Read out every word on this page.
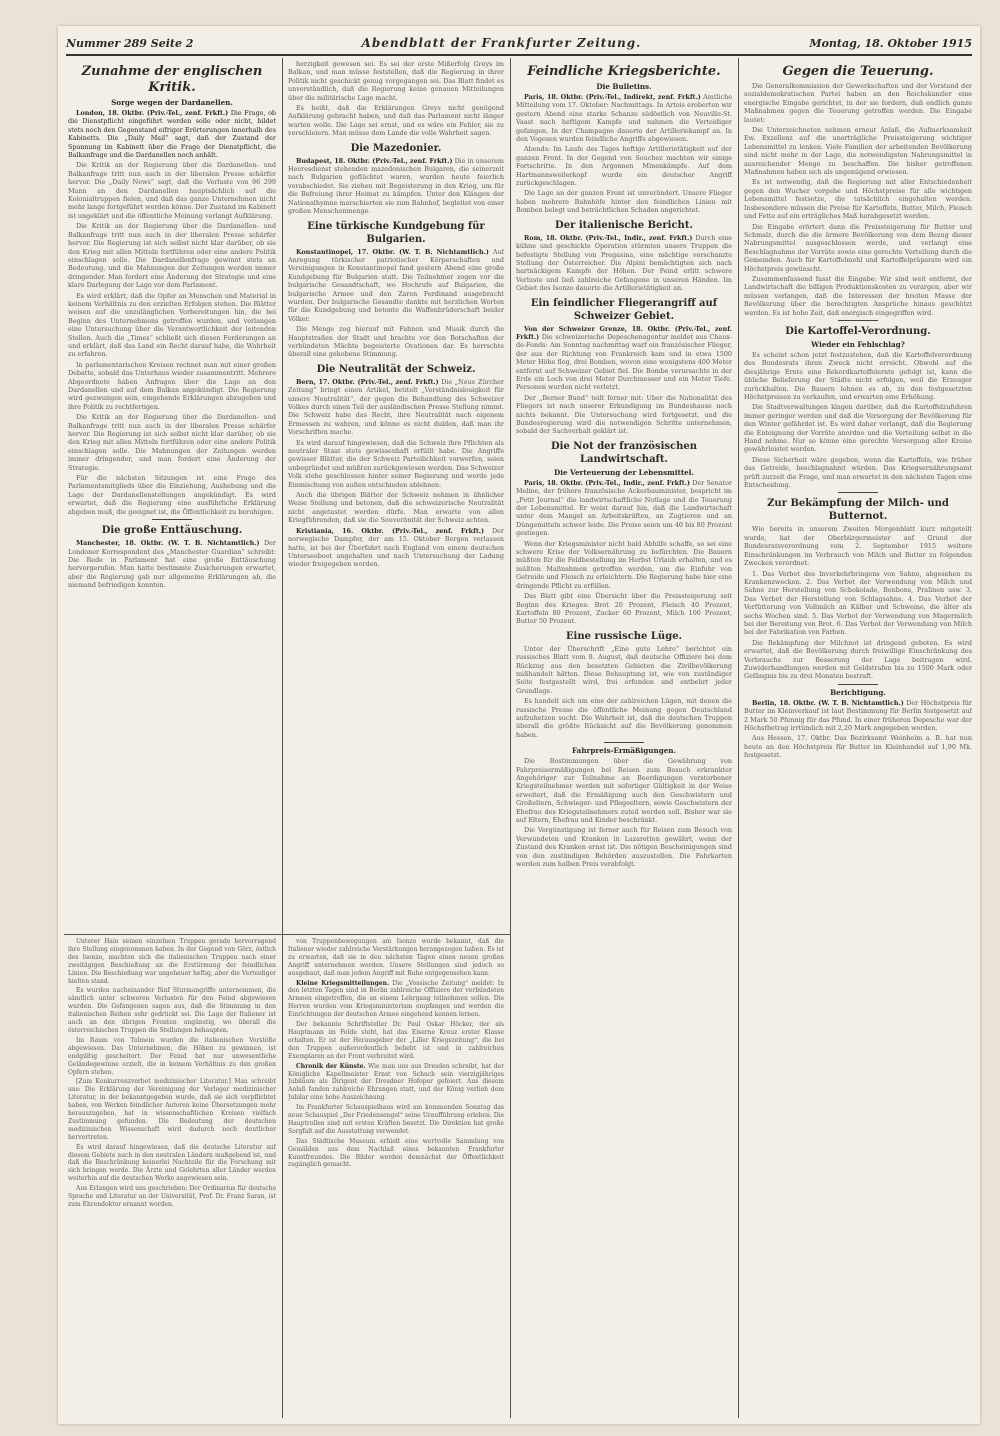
Nummer 289 Seite 2	Abendblatt der Frankfurter Zeitung.	Montag, 18. Oktober 1915
Zunahme der englischen Kritik.
Sorge wegen der Dardanellen.

London, 18. Oktbr. (Priv.-Tel., zenf. Frkft.) Die Frage, ob die Dienstpflicht eingeführt werden solle oder nicht, bildet stets noch den Gegenstand eifriger Erörterungen innerhalb des Kabinetts. Die „Daily Mail“ sagt, daß der Zustand der Spannung im Kabinett über die Frage der Dienstpflicht, die Balkanfrage und die Dardanellen noch anhält.

Die Kritik an der Regierung über die Dardanellen- und Balkanfrage tritt nun auch in der liberalen Presse schärfer hervor. Die „Daily News“ sagt, daß die Verluste von 96 299 Mann an den Dardanellen hauptsächlich auf die Kolonialtruppen fielen, und daß das ganze Unternehmen nicht mehr lange fortgeführt werden könne. Der Zustand im Kabinett ist ungeklärt und die öffentliche Meinung verlangt Aufklärung.

Die Kritik an der Regierung über die Dardanellen- und Balkanfrage tritt nun auch in der liberalen Presse schärfer hervor. Die Regierung ist sich selbst nicht klar darüber, ob sie den Krieg mit allen Mitteln fortführen oder eine andere Politik einschlagen solle. Die Dardanellenfrage gewinnt stets an Bedeutung, und die Mahnungen der Zeitungen werden immer dringender. Man fordert eine Änderung der Strategie und eine klare Darlegung der Lage vor dem Parlament.

Es wird erklärt, daß die Opfer an Menschen und Material in keinem Verhältnis zu den erzielten Erfolgen stehen. Die Blätter weisen auf die unzulänglichen Vorbereitungen hin, die bei Beginn des Unternehmens getroffen wurden, und verlangen eine Untersuchung über die Verantwortlichkeit der leitenden Stellen. Auch die „Times“ schließt sich diesen Forderungen an und erklärt, daß das Land ein Recht darauf habe, die Wahrheit zu erfahren.

In parlamentarischen Kreisen rechnet man mit einer großen Debatte, sobald das Unterhaus wieder zusammentritt. Mehrere Abgeordnete haben Anfragen über die Lage an den Dardanellen und auf dem Balkan angekündigt. Die Regierung wird gezwungen sein, eingehende Erklärungen abzugeben und ihre Politik zu rechtfertigen.

Die Kritik an der Regierung über die Dardanellen- und Balkanfrage tritt nun auch in der liberalen Presse schärfer hervor. Die Regierung ist sich selbst nicht klar darüber, ob sie den Krieg mit allen Mitteln fortführen oder eine andere Politik einschlagen solle. Die Mahnungen der Zeitungen werden immer dringender, und man fordert eine Änderung der Strategie.

Für die nächsten Sitzungen ist eine Frage des Parlamentsmitglieds über die Einziehung, Aushebung und die Lage der Dardanellenstellungen angekündigt. Es wird erwartet, daß die Regierung eine ausführliche Erklärung abgeben muß, die geeignet ist, die Öffentlichkeit zu beruhigen.

Die große Enttäuschung.

Manchester, 18. Oktbr. (W. T. B. Nichtamtlich.) Der Londoner Korrespondent des „Manchester Guardian“ schreibt: Die Rede in Parlament hat eine große Enttäuschung hervorgerufen. Man hatte bestimmte Zusicherungen erwartet, aber die Regierung gab nur allgemeine Erklärungen ab, die niemand befriedigen konnten.

herzigkeit gewesen sei. Es sei der erste Mißerfolg Greys im Balkan, und man müsse feststellen, daß die Regierung in ihrer Politik nicht geschickt genug vorgegangen sei. Das Blatt findet es unverständlich, daß die Regierung keine genauen Mitteilungen über die militärische Lage macht.

Es heißt, daß die Erklärungen Greys nicht genügend Aufklärung gebracht haben, und daß das Parlament nicht länger warten wolle. Die Lage sei ernst, und es wäre ein Fehler, sie zu verschleiern. Man müsse dem Lande die volle Wahrheit sagen.

Die Mazedonier.

Budapest, 18. Oktbr. (Priv.-Tel., zenf. Frkft.) Die in unserem Heeresdienst stehenden mazedonischen Bulgaren, die seinerzeit nach Bulgarien geflüchtet waren, wurden heute feierlich verabschiedet. Sie ziehen mit Begeisterung in den Krieg, um für die Befreiung ihrer Heimat zu kämpfen. Unter den Klängen der Nationalhymne marschierten sie zum Bahnhof, begleitet von einer großen Menschenmenge.

Eine türkische Kundgebung für Bulgarien.

Konstantinopel, 17. Oktbr. (W. T. B. Nichtamtlich.) Auf Anregung türkischer patriotischer Körperschaften und Vereinigungen in Konstantinopel fand gestern Abend eine große Kundgebung für Bulgarien statt. Die Teilnehmer zogen vor die bulgarische Gesandtschaft, wo Hochrufe auf Bulgarien, die bulgarische Armee und den Zaren Ferdinand ausgebracht wurden. Der bulgarische Gesandte dankte mit herzlichen Worten für die Kundgebung und betonte die Waffenbrüderschaft beider Völker.

Die Menge zog hierauf mit Fahnen und Musik durch die Hauptstraßen der Stadt und brachte vor den Botschaften der verbündeten Mächte begeisterte Ovationen dar. Es herrschte überall eine gehobene Stimmung.

Die Neutralität der Schweiz.

Bern, 17. Oktbr. (Priv.-Tel., zenf. Frkft.) Die „Neue Zürcher Zeitung“ bringt einen Artikel, betitelt „Verständnislosigkeit für unsere Neutralität“, der gegen die Behandlung des Schweizer Volkes durch einen Teil der ausländischen Presse Stellung nimmt. Die Schweiz habe das Recht, ihre Neutralität nach eigenem Ermessen zu wahren, und könne es nicht dulden, daß man ihr Vorschriften mache.

Es wird darauf hingewiesen, daß die Schweiz ihre Pflichten als neutraler Staat stets gewissenhaft erfüllt habe. Die Angriffe gewisser Blätter, die der Schweiz Parteilichkeit vorwerfen, seien unbegründet und müßten zurückgewiesen werden. Das Schweizer Volk stehe geschlossen hinter seiner Regierung und werde jede Einmischung von außen entschieden ablehnen.

Auch die übrigen Blätter der Schweiz nehmen in ähnlicher Weise Stellung und betonen, daß die schweizerische Neutralität nicht angetastet werden dürfe. Man erwarte von allen Kriegführenden, daß sie die Souveränität der Schweiz achten.

Kristiania, 16. Oktbr. (Priv.-Tel., zenf. Frkft.) Der norwegische Dampfer, der am 15. Oktober Bergen verlassen hatte, ist bei der Überfahrt nach England von einem deutschen Unterseeboot angehalten und nach Untersuchung der Ladung wieder freigegeben worden.

Feindliche Kriegsberichte.
Die Bulletins.

Paris, 18. Oktbr. (Priv.-Tel., Indirekt, zenf. Frkft.) Amtliche Mitteilung vom 17. Oktober: Nachmittags. In Artois eroberten wir gestern Abend eine starke Schanze südöstlich von Neuville-St. Vaast nach heftigem Kampfe und nahmen die Verteidiger gefangen. In der Champagne dauerte der Artilleriekampf an. In den Vogesen wurden feindliche Angriffe abgewiesen.

Abends: Im Laufe des Tages heftige Artillerietätigkeit auf der ganzen Front. In der Gegend von Souchez machten wir einige Fortschritte. In den Argonnen Minenkämpfe. Auf dem Hartmannsweilerkopf wurde ein deutscher Angriff zurückgeschlagen.

Die Lage an der ganzen Front ist unverändert. Unsere Flieger haben mehrere Bahnhöfe hinter den feindlichen Linien mit Bomben belegt und beträchtlichen Schaden angerichtet.

Der italienische Bericht.

Rom, 18. Oktbr. (Priv.-Tel., Indir., zenf. Frkft.) Durch eine kühne und geschickte Operation stürmten unsere Truppen die befestigte Stellung von Pregasina, eine mächtige verschanzte Stellung der Österreicher. Die Alpini bemächtigten sich nach hartnäckigem Kampfe der Höhen. Der Feind erlitt schwere Verluste und ließ zahlreiche Gefangene in unseren Händen. Im Gebiet des Isonzo dauerte die Artillerietätigkeit an.

Ein feindlicher Fliegerangriff auf Schweizer Gebiet.

Von der Schweizer Grenze, 18. Oktbr. (Priv.-Tel., zenf. Frkft.) Die schweizerische Depeschenagentur meldet aus Chaux-de-Fonds: Am Sonntag nachmittag warf ein französischer Flieger, der aus der Richtung von Frankreich kam und in etwa 1500 Meter Höhe flog, drei Bomben, wovon eine wenigstens 400 Meter entfernt auf Schweizer Gebiet fiel. Die Bombe verursachte in der Erde ein Loch von drei Meter Durchmesser und ein Meter Tiefe. Personen wurden nicht verletzt.

Der „Berner Bund“ teilt ferner mit: Uber die Nationalität des Fliegers ist nach unserer Erkundigung im Bundeshause noch nichts bekannt. Die Untersuchung wird fortgesetzt, und die Bundesregierung wird die notwendigen Schritte unternehmen, sobald der Sachverhalt geklärt ist.

Die Not der französischen Landwirtschaft.
Die Verteuerung der Lebensmittel.

Paris, 18. Oktbr. (Priv.-Tel., Indir., zenf. Frkft.) Der Senator Meline, der frühere französische Ackerbauminister, bespricht im „Petit Journal“ die landwirtschaftliche Notlage und die Teuerung der Lebensmittel. Er weist darauf hin, daß die Landwirtschaft unter dem Mangel an Arbeitskräften, an Zugtieren und an Düngemitteln schwer leide. Die Preise seien um 40 bis 80 Prozent gestiegen.

Wenn der Kriegsminister nicht bald Abhilfe schaffe, so sei eine schwere Krise der Volksernährung zu befürchten. Die Bauern müßten für die Feldbestellung im Herbst Urlaub erhalten, und es müßten Maßnahmen getroffen werden, um die Einfuhr von Getreide und Fleisch zu erleichtern. Die Regierung habe hier eine dringende Pflicht zu erfüllen.

Das Blatt gibt eine Übersicht über die Preissteigerung seit Beginn des Krieges: Brot 20 Prozent, Fleisch 40 Prozent, Kartoffeln 80 Prozent, Zucker 60 Prozent, Milch 100 Prozent, Butter 50 Prozent.

Eine russische Lüge.

Unter der Überschrift „Eine gute Lehre“ berichtet ein russisches Blatt vom 8. August, daß deutsche Offiziere bei dem Rückzug aus den besetzten Gebieten die Zivilbevölkerung mißhandelt hätten. Diese Behauptung ist, wie von zuständiger Seite festgestellt wird, frei erfunden und entbehrt jeder Grundlage.

Es handelt sich um eine der zahlreichen Lügen, mit denen die russische Presse die öffentliche Meinung gegen Deutschland aufzuhetzen sucht. Die Wahrheit ist, daß die deutschen Truppen überall die größte Rücksicht auf die Bevölkerung genommen haben.

Fahrpreis-Ermäßigungen.

Die Bestimmungen über die Gewährung von Fahrpreisermäßigungen bei Reisen zum Besuch erkrankter Angehöriger zur Teilnahme an Beerdigungen verstorbener Kriegsteilnehmer werden mit sofortiger Gültigkeit in der Weise erweitert, daß die Ermäßigung auch den Geschwistern und Großeltern, Schwieger- und Pflegeeltern, sowie Geschwistern der Ehefrau des Kriegsteilnehmers zuteil werden soll. Bisher war sie auf Eltern, Ehefrau und Kinder beschränkt.

Die Vergünstigung ist ferner auch für Reisen zum Besuch von Verwundeten und Kranken in Lazaretten gewährt, wenn der Zustand des Kranken ernst ist. Die nötigen Bescheinigungen sind von den zuständigen Behörden auszustellen. Die Fahrkarten werden zum halben Preis verabfolgt.

Gegen die Teuerung.

Die Generalkommission der Gewerkschaften und der Vorstand der sozialdemokratischen Partei haben an den Reichskanzler eine energische Eingabe gerichtet, in der sie fordern, daß endlich ganze Maßnahmen gegen die Teuerung getroffen werden. Die Eingabe lautet:

Die Unterzeichneten nehmen erneut Anlaß, die Aufmerksamkeit Ew. Exzellenz auf die unerträgliche Preissteigerung wichtiger Lebensmittel zu lenken. Viele Familien der arbeitenden Bevölkerung sind nicht mehr in der Lage, die notwendigsten Nahrungsmittel in ausreichender Menge zu beschaffen. Die bisher getroffenen Maßnahmen haben sich als ungenügend erwiesen.

Es ist notwendig, daß die Regierung mit aller Entschiedenheit gegen den Wucher vorgehe und Höchstpreise für alle wichtigen Lebensmittel festsetze, die tatsächlich eingehalten werden. Insbesondere müssen die Preise für Kartoffeln, Butter, Milch, Fleisch und Fette auf ein erträgliches Maß herabgesetzt werden.

Die Eingabe erörtert dann die Preissteigerung für Butter und Schmalz, durch die die ärmere Bevölkerung von dem Bezug dieser Nahrungsmittel ausgeschlossen werde, und verlangt eine Beschlagnahme der Vorräte sowie eine gerechte Verteilung durch die Gemeinden. Auch für Kartoffelmehl und Kartoffelpräparate wird ein Höchstpreis gewünscht.

Zusammenfassend fasst die Eingabe: Wir sind weit entfernt, der Landwirtschaft die billigen Produktionskosten zu verargen, aber wir müssen verlangen, daß die Interessen der breiten Masse der Bevölkerung über die berechtigten Ansprüche hinaus geschützt werden. Es ist hohe Zeit, daß energisch eingegriffen wird.

Die Kartoffel-Verordnung.
Wieder ein Fehlschlag?

Es scheint schon jetzt festzustehen, daß die Kartoffelverordnung des Bundesrats ihren Zweck nicht erreicht. Obwohl auf die diesjährige Ernte eine Rekordkartoffelernte gefolgt ist, kann die übliche Belieferung der Städte nicht erfolgen, weil die Erzeuger zurückhalten. Die Bauern lehnen es ab, zu den festgesetzten Höchstpreisen zu verkaufen, und erwarten eine Erhöhung.

Die Stadtverwaltungen klagen darüber, daß die Kartoffelzufuhren immer geringer werden und daß die Versorgung der Bevölkerung für den Winter gefährdet ist. Es wird daher verlangt, daß die Regierung die Enteignung der Vorräte anordne und die Verteilung selbst in die Hand nehme. Nur so könne eine gerechte Versorgung aller Kreise gewährleistet werden.

Diese Sicherheit wäre gegeben, wenn die Kartoffeln, wie früher das Getreide, beschlagnahmt würden. Das Kriegsernährungsamt prüft zurzeit die Frage, und man erwartet in den nächsten Tagen eine Entscheidung.

Zur Bekämpfung der Milch- und Butternot.

Wie bereits in unserem Zweiten Morgenblatt kurz mitgeteilt wurde, hat der Oberbürgermeister auf Grund der Bundesratsverordnung vom 2. September 1915 weitere Einschränkungen im Verbrauch von Milch und Butter zu folgenden Zwecken verordnet:

1. Das Verbot des Inverkehrbringens von Sahne, abgesehen zu Krankenzwecken. 2. Das Verbot der Verwendung von Milch und Sahne zur Herstellung von Schokolade, Bonbons, Pralinen usw. 3. Das Verbot der Herstellung von Schlagsahne. 4. Das Verbot der Verfütterung von Vollmilch an Kälber und Schweine, die älter als sechs Wochen sind. 5. Das Verbot der Verwendung von Magermilch bei der Bereitung von Brot. 6. Das Verbot der Verwendung von Milch bei der Fabrikation von Farben.

Die Bekämpfung der Milchnot ist dringend geboten. Es wird erwartet, daß die Bevölkerung durch freiwillige Einschränkung des Verbrauchs zur Besserung der Lage beitragen wird. Zuwiderhandlungen werden mit Geldstrafen bis zu 1500 Mark oder Gefängnis bis zu drei Monaten bestraft.

Berichtigung.

Berlin, 18. Oktbr. (W. T. B. Nichtamtlich.) Der Höchstpreis für Butter im Kleinverkauf ist laut Bestimmung für Berlin festgesetzt auf 2 Mark 50 Pfennig für das Pfund. In einer früheren Depesche war der Höchstbetrag irrtümlich mit 2,20 Mark angegeben worden.

Aus Hessen, 17. Oktbr. Das Bezirksamt Weinheim a. B. hat nun heute an den Höchstpreis für Butter im Kleinhandel auf 1,90 Mk. festgesetzt.

Unterer Hain seinen einzelnen Truppen gerade hervorragend ihre Stellung eingenommen haben. In der Gegend von Görz, östlich des Isonzo, machten sich die italienischen Truppen nach einer zweitägigen Beschießung an die Erstürmung der feindlichen Linien. Die Beschießung war ungeheuer heftig, aber die Verteidiger hielten stand.

Es wurden nacheinander fünf Sturmangriffe unternommen, die sämtlich unter schweren Verlusten für den Feind abgewiesen wurden. Die Gefangenen sagen aus, daß die Stimmung in den italienischen Reihen sehr gedrückt sei. Die Lage der Italiener ist auch an den übrigen Fronten ungünstig, wo überall die österreichischen Truppen die Stellungen behaupten.

Im Raum von Tolmein wurden die italienischen Vorstöße abgewiesen. Das Unternehmen, die Höhen zu gewinnen, ist endgültig gescheitert. Der Feind hat nur unwesentliche Geländegewinne erzielt, die in keinem Verhältnis zu den großen Opfern stehen.

[Zum Konkurrenzverbot medizinischer Literatur.] Man schreibt uns: Die Erklärung der Vereinigung der Verleger medizinischer Literatur, in der bekanntgegeben wurde, daß sie sich verpflichtet haben, von Werken feindlicher Autoren keine Übersetzungen mehr herauszugeben, hat in wissenschaftlichen Kreisen vielfach Zustimmung gefunden. Die Bedeutung der deutschen medizinischen Wissenschaft wird dadurch noch deutlicher hervortreten.

Es wird darauf hingewiesen, daß die deutsche Literatur auf diesem Gebiete auch in den neutralen Ländern maßgebend ist, und daß die Beschränkung keinerlei Nachteile für die Forschung mit sich bringen werde. Die Ärzte und Gelehrten aller Länder werden weiterhin auf die deutschen Werke angewiesen sein.

Aus Erlangen wird uns geschrieben: Der Ordinarius für deutsche Sprache und Literatur an der Universität, Prof. Dr. Franz Saran, ist zum Ehrendoktor ernannt worden.

von Truppenbewegungen am Isonzo wurde bekannt, daß die Italiener wieder zahlreiche Verstärkungen herangezogen haben. Es ist zu erwarten, daß sie in den nächsten Tagen einen neuen großen Angriff unternehmen werden. Unsere Stellungen sind jedoch so ausgebaut, daß man jedem Angriff mit Ruhe entgegensehen kann.

Kleine Kriegsmitteilungen. Die „Vossische Zeitung“ meldet: In den letzten Tagen sind in Berlin zahlreiche Offiziere der verbündeten Armeen eingetroffen, die an einem Lehrgang teilnehmen sollen. Die Herren wurden vom Kriegsministerium empfangen und werden die Einrichtungen der deutschen Armee eingehend kennen lernen.

Der bekannte Schriftsteller Dr. Paul Oskar Höcker, der als Hauptmann im Felde steht, hat das Eiserne Kreuz erster Klasse erhalten. Er ist der Herausgeber der „Liller Kriegszeitung“, die bei den Truppen außerordentlich beliebt ist und in zahlreichen Exemplaren an der Front verbreitet wird.

Chronik der Künste. Wie man uns aus Dresden schreibt, hat der Königliche Kapellmeister Ernst von Schuch sein vierzigjähriges Jubiläum als Dirigent der Dresdner Hofoper gefeiert. Aus diesem Anlaß fanden zahlreiche Ehrungen statt, und der König verlieh dem Jubilar eine hohe Auszeichnung.

Im Frankfurter Schauspielhaus wird am kommenden Sonntag das neue Schauspiel „Der Friedensengel“ seine Uraufführung erleben. Die Hauptrollen sind mit ersten Kräften besetzt. Die Direktion hat große Sorgfalt auf die Ausstattung verwendet.

Das Städtische Museum erhielt eine wertvolle Sammlung von Gemälden aus dem Nachlaß eines bekannten Frankfurter Kunstfreundes. Die Bilder werden demnächst der Öffentlichkeit zugänglich gemacht.
